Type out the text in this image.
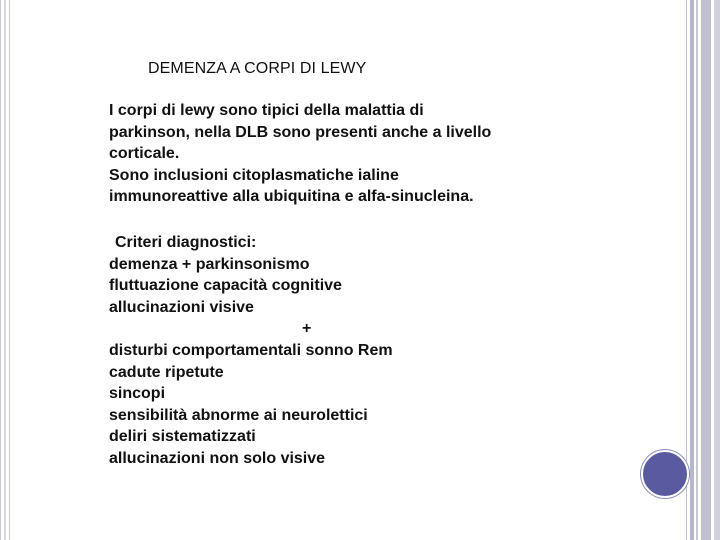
DEMENZA A CORPI DI LEWY
I corpi di lewy sono tipici della malattia di
parkinson, nella DLB sono presenti anche a livello
corticale.
Sono inclusioni citoplasmatiche ialine
immunoreattive alla ubiquitina e alfa-sinucleina.
Criteri diagnostici:
demenza + parkinsonismo
fluttuazione capacità cognitive
allucinazioni visive
+
disturbi comportamentali sonno Rem
cadute ripetute
sincopi
sensibilità abnorme ai neurolettici
deliri sistematizzati
allucinazioni non solo visive
